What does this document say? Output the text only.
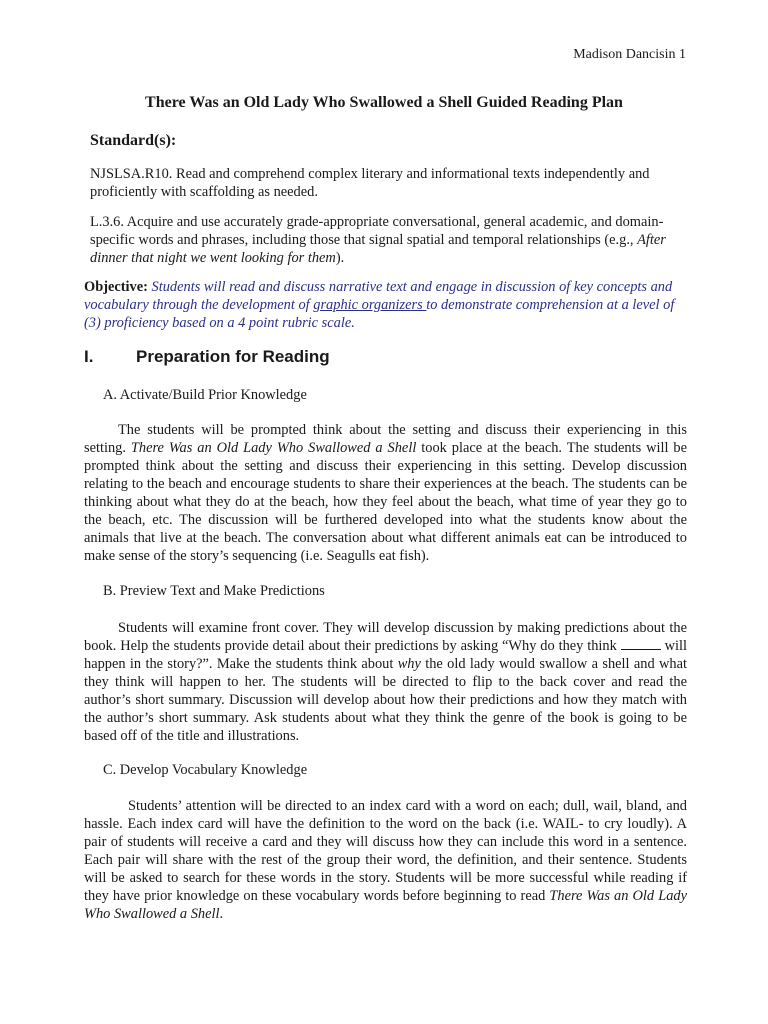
Madison Dancisin 1
There Was an Old Lady Who Swallowed a Shell Guided Reading Plan
Standard(s):
NJSLSA.R10. Read and comprehend complex literary and informational texts independently and proficiently with scaffolding as needed.
L.3.6. Acquire and use accurately grade-appropriate conversational, general academic, and domain-specific words and phrases, including those that signal spatial and temporal relationships (e.g., After dinner that night we went looking for them).
Objective: Students will read and discuss narrative text and engage in discussion of key concepts and vocabulary through the development of graphic organizers to demonstrate comprehension at a level of (3) proficiency based on a 4 point rubric scale.
I.	Preparation for Reading
A. Activate/Build Prior Knowledge
The students will be prompted think about the setting and discuss their experiencing in this setting. There Was an Old Lady Who Swallowed a Shell took place at the beach. The students will be prompted think about the setting and discuss their experiencing in this setting. Develop discussion relating to the beach and encourage students to share their experiences at the beach. The students can be thinking about what they do at the beach, how they feel about the beach, what time of year they go to the beach, etc. The discussion will be furthered developed into what the students know about the animals that live at the beach. The conversation about what different animals eat can be introduced to make sense of the story’s sequencing (i.e. Seagulls eat fish).
B. Preview Text and Make Predictions
Students will examine front cover. They will develop discussion by making predictions about the book. Help the students provide detail about their predictions by asking “Why do they think	will happen in the story?”. Make the students think about why the old lady would swallow a shell and what they think will happen to her. The students will be directed to flip to the back cover and read the author’s short summary. Discussion will develop about how their predictions and how they match with the author’s short summary. Ask students about what they think the genre of the book is going to be based off of the title and illustrations.
C. Develop Vocabulary Knowledge
Students’ attention will be directed to an index card with a word on each; dull, wail, bland, and hassle. Each index card will have the definition to the word on the back (i.e. WAIL- to cry loudly). A pair of students will receive a card and they will discuss how they can include this word in a sentence. Each pair will share with the rest of the group their word, the definition, and their sentence. Students will be asked to search for these words in the story. Students will be more successful while reading if they have prior knowledge on these vocabulary words before beginning to read There Was an Old Lady Who Swallowed a Shell.
